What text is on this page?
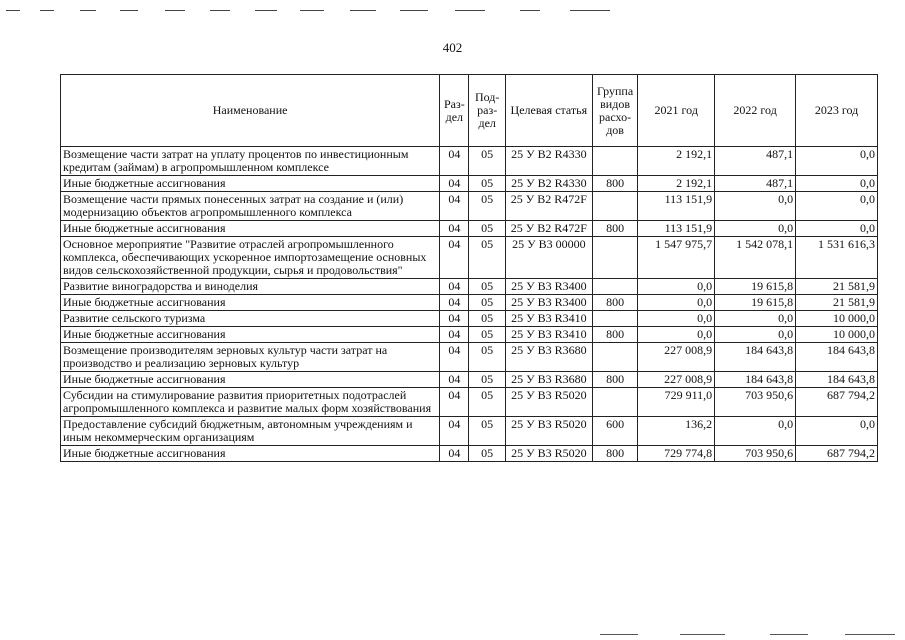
402
Наименование	Раз- дел	Под- раз- дел	Целевая статья	Группа видов расхо- дов	2021 год	2022 год	2023 год
Возмещение части затрат на уплату процентов по инвестиционным кредитам (займам) в агропромышленном комплексе	04	05	25 У В2 R4330		2 192,1	487,1	0,0
Иные бюджетные ассигнования	04	05	25 У В2 R4330	800	2 192,1	487,1	0,0
Возмещение части прямых понесенных затрат на создание и (или) модернизацию объектов агропромышленного комплекса	04	05	25 У В2 R472F		113 151,9	0,0	0,0
Иные бюджетные ассигнования	04	05	25 У В2 R472F	800	113 151,9	0,0	0,0
Основное мероприятие "Развитие отраслей агропромышленного комплекса, обеспечивающих ускоренное импортозамещение основных видов сельскохозяйственной продукции, сырья и продовольствия"	04	05	25 У В3 00000		1 547 975,7	1 542 078,1	1 531 616,3
Развитие виноградорства и виноделия	04	05	25 У В3 R3400		0,0	19 615,8	21 581,9
Иные бюджетные ассигнования	04	05	25 У В3 R3400	800	0,0	19 615,8	21 581,9
Развитие сельского туризма	04	05	25 У В3 R3410		0,0	0,0	10 000,0
Иные бюджетные ассигнования	04	05	25 У В3 R3410	800	0,0	0,0	10 000,0
Возмещение производителям зерновых культур части затрат на производство и реализацию зерновых культур	04	05	25 У В3 R3680		227 008,9	184 643,8	184 643,8
Иные бюджетные ассигнования	04	05	25 У В3 R3680	800	227 008,9	184 643,8	184 643,8
Субсидии на стимулирование развития приоритетных подотраслей агропромышленного комплекса и развитие малых форм хозяйствования	04	05	25 У В3 R5020		729 911,0	703 950,6	687 794,2
Предоставление субсидий бюджетным, автономным учреждениям и иным некоммерческим организациям	04	05	25 У В3 R5020	600	136,2	0,0	0,0
Иные бюджетные ассигнования	04	05	25 У В3 R5020	800	729 774,8	703 950,6	687 794,2
